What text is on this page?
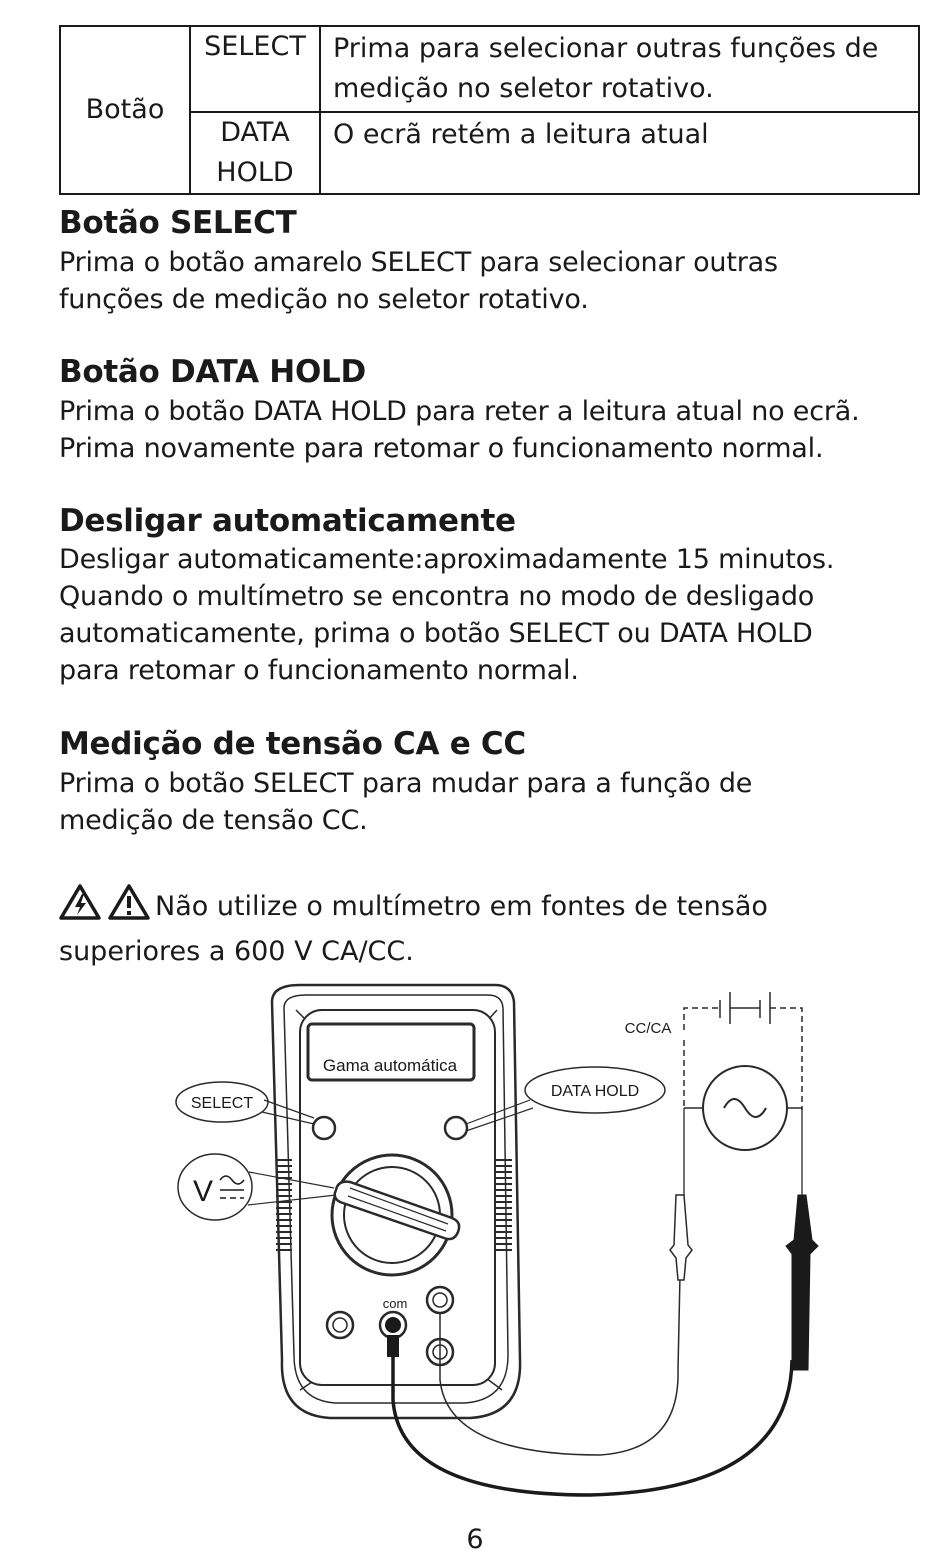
Botão	SELECT	Prima para selecionar outras funções de medição no seletor rotativo.
	DATA HOLD	O ecrã retém a leitura atual
Botão SELECT

Prima o botão amarelo SELECT para selecionar outras
funções de medição no seletor rotativo.

Botão DATA HOLD

Prima o botão DATA HOLD para reter a leitura atual no ecrã.
Prima novamente para retomar o funcionamento normal.

Desligar automaticamente

Desligar automaticamente:aproximadamente 15 minutos.
Quando o multímetro se encontra no modo de desligado
automaticamente, prima o botão SELECT ou DATA HOLD
para retomar o funcionamento normal.

Medição de tensão CA e CC

Prima o botão SELECT para mudar para a função de
medição de tensão CC.

Não utilize o multímetro em fontes de tensão
superiores a 600 V CA/CC.
Gama automática
com
SELECT
DATA HOLD
V
CC/CA
6
